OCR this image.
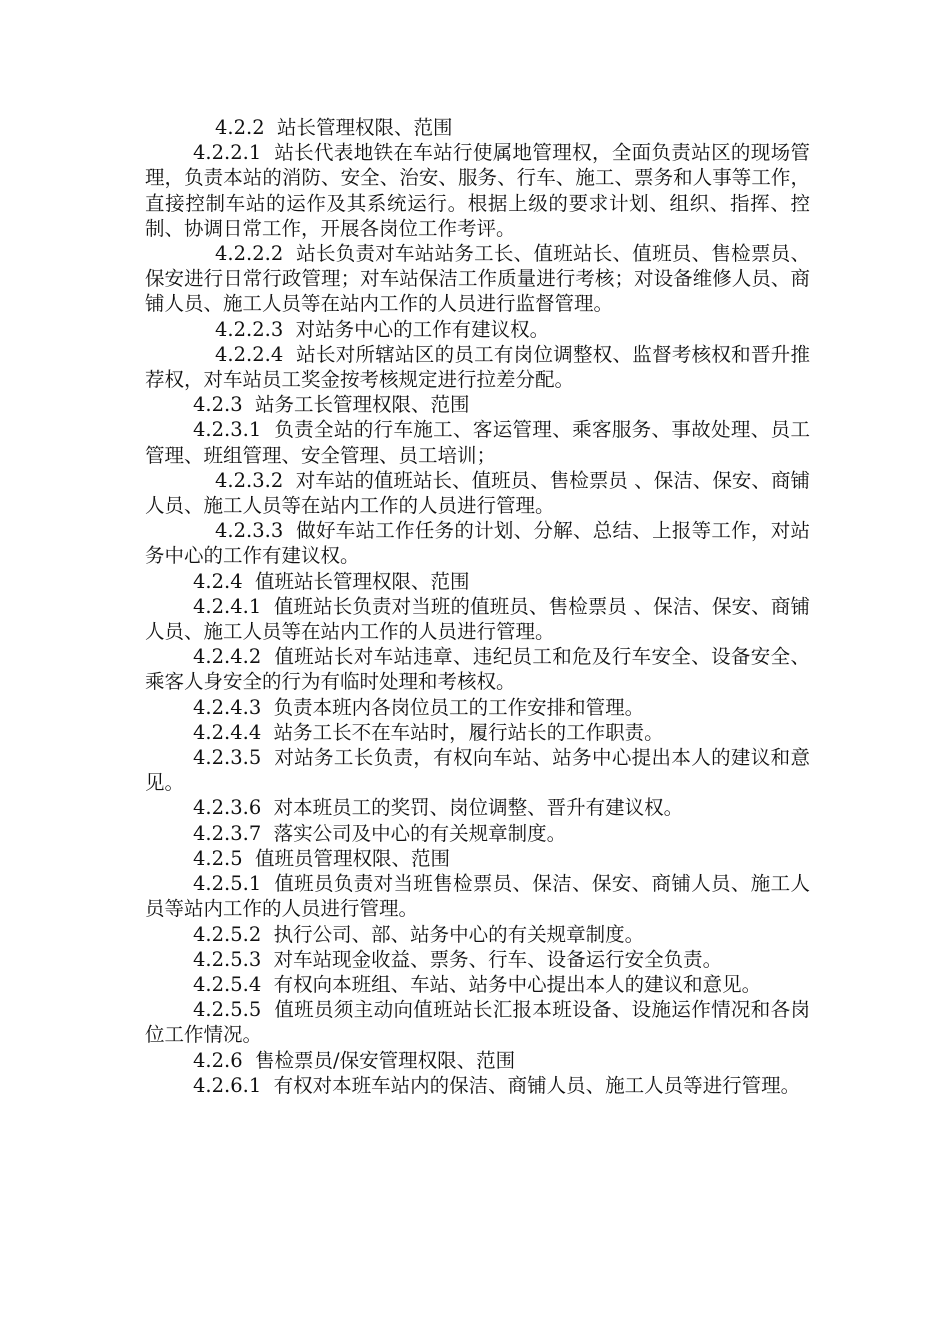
4.2.2  站长管理权限、范围

4.2.2.1  站长代表地铁在车站行使属地管理权，全面负责站区的现场管理，负责本站的消防、安全、治安、服务、行车、施工、票务和人事等工作，直接控制车站的运作及其系统运行。根据上级的要求计划、组织、指挥、控制、协调日常工作，开展各岗位工作考评。

4.2.2.2  站长负责对车站站务工长、值班站长、值班员、售检票员、保安进行日常行政管理；对车站保洁工作质量进行考核；对设备维修人员、商铺人员、施工人员等在站内工作的人员进行监督管理。

4.2.2.3  对站务中心的工作有建议权。

4.2.2.4  站长对所辖站区的员工有岗位调整权、监督考核权和晋升推荐权，对车站员工奖金按考核规定进行拉差分配。

4.2.3  站务工长管理权限、范围

4.2.3.1  负责全站的行车施工、客运管理、乘客服务、事故处理、员工管理、班组管理、安全管理、员工培训；

4.2.3.2  对车站的值班站长、值班员、售检票员 、保洁、保安、商铺人员、施工人员等在站内工作的人员进行管理。

4.2.3.3  做好车站工作任务的计划、分解、总结、上报等工作，对站务中心的工作有建议权。

4.2.4  值班站长管理权限、范围

4.2.4.1  值班站长负责对当班的值班员、售检票员 、保洁、保安、商铺人员、施工人员等在站内工作的人员进行管理。

4.2.4.2  值班站长对车站违章、违纪员工和危及行车安全、设备安全、乘客人身安全的行为有临时处理和考核权。

4.2.4.3  负责本班内各岗位员工的工作安排和管理。

4.2.4.4  站务工长不在车站时，履行站长的工作职责。

4.2.3.5  对站务工长负责，有权向车站、站务中心提出本人的建议和意见。

4.2.3.6  对本班员工的奖罚、岗位调整、晋升有建议权。

4.2.3.7  落实公司及中心的有关规章制度。

4.2.5  值班员管理权限、范围

4.2.5.1  值班员负责对当班售检票员、保洁、保安、商铺人员、施工人员等站内工作的人员进行管理。

4.2.5.2  执行公司、部、站务中心的有关规章制度。

4.2.5.3  对车站现金收益、票务、行车、设备运行安全负责。

4.2.5.4  有权向本班组、车站、站务中心提出本人的建议和意见。

4.2.5.5  值班员须主动向值班站长汇报本班设备、设施运作情况和各岗位工作情况。

4.2.6  售检票员/保安管理权限、范围

4.2.6.1  有权对本班车站内的保洁、商铺人员、施工人员等进行管理。
